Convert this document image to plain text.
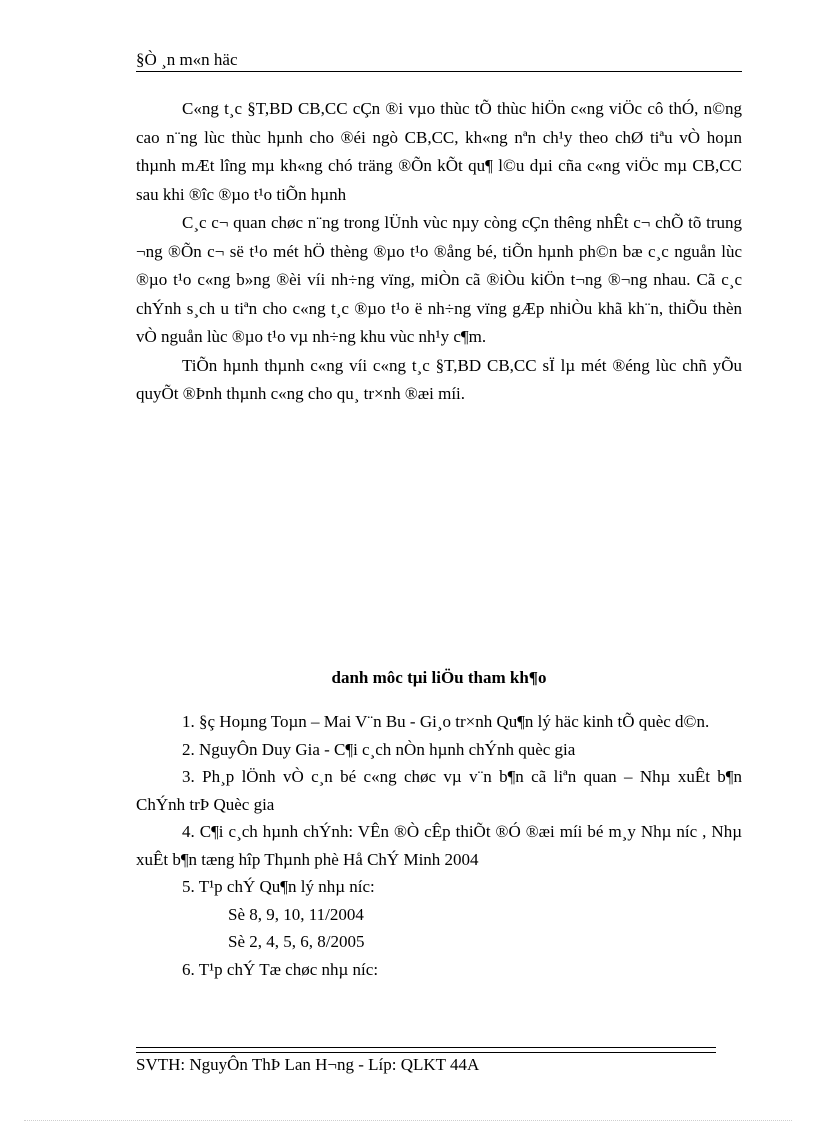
§Ò ¸n m«n häc

C«ng t¸c §T,BD CB,CC cÇn ®i vµo thùc tÕ thùc hiÖn c«ng viÖc cô thÓ, n©ng cao n¨ng lùc thùc hµnh cho ®éi ngò CB,CC, kh«ng nªn ch¹y theo chØ tiªu vÒ hoµn thµnh mÆt lîng mµ kh«ng chó träng ®Õn kÕt qu¶ l©u dµi cña c«ng viÖc mµ CB,CC sau khi ®îc ®µo t¹o tiÕn hµnh

C¸c c¬ quan chøc n¨ng trong lÜnh vùc nµy còng cÇn thêng nhÊt c¬ chÕ tõ trung ¬ng ®Õn c¬ së t¹o mét hÖ thèng ®µo t¹o ®ång bé, tiÕn hµnh ph©n bæ c¸c nguån lùc ®µo t¹o c«ng b»ng ®èi víi nh÷ng vïng, miÒn cã ®iÒu kiÖn t¬ng ®¬ng nhau. Cã c¸c chÝnh s¸ch u tiªn cho c«ng t¸c ®µo t¹o ë nh÷ng vïng gÆp nhiÒu khã kh¨n, thiÕu thèn vÒ nguån lùc ®µo t¹o vµ nh÷ng khu vùc nh¹y c¶m.

TiÕn hµnh thµnh c«ng víi c«ng t¸c §T,BD CB,CC sÏ lµ mét ®éng lùc chñ yÕu quyÕt ®Þnh thµnh c«ng cho qu¸ tr×nh ®æi míi.

danh môc tµi liÖu tham kh¶o

1. §ç Hoµng Toµn – Mai V¨n Bu - Gi¸o tr×nh Qu¶n lý häc kinh tÕ quèc d©n.

2. NguyÔn Duy Gia - C¶i c¸ch nÒn hµnh chÝnh quèc gia

3. Ph¸p lÖnh vÒ c¸n bé c«ng chøc vµ v¨n b¶n cã liªn quan – Nhµ xuÊt b¶n ChÝnh trÞ Quèc gia

4. C¶i c¸ch hµnh chÝnh: VÊn ®Ò cÊp thiÕt ®Ó ®æi míi bé m¸y Nhµ níc , Nhµ xuÊt b¶n tæng hîp Thµnh phè Hå ChÝ Minh 2004

5. T¹p chÝ Qu¶n lý nhµ níc:

Sè 8, 9, 10, 11/2004

Sè 2, 4, 5, 6, 8/2005

6. T¹p chÝ Tæ chøc nhµ níc:

SVTH: NguyÔn ThÞ Lan H¬ng - Líp: QLKT 44A
